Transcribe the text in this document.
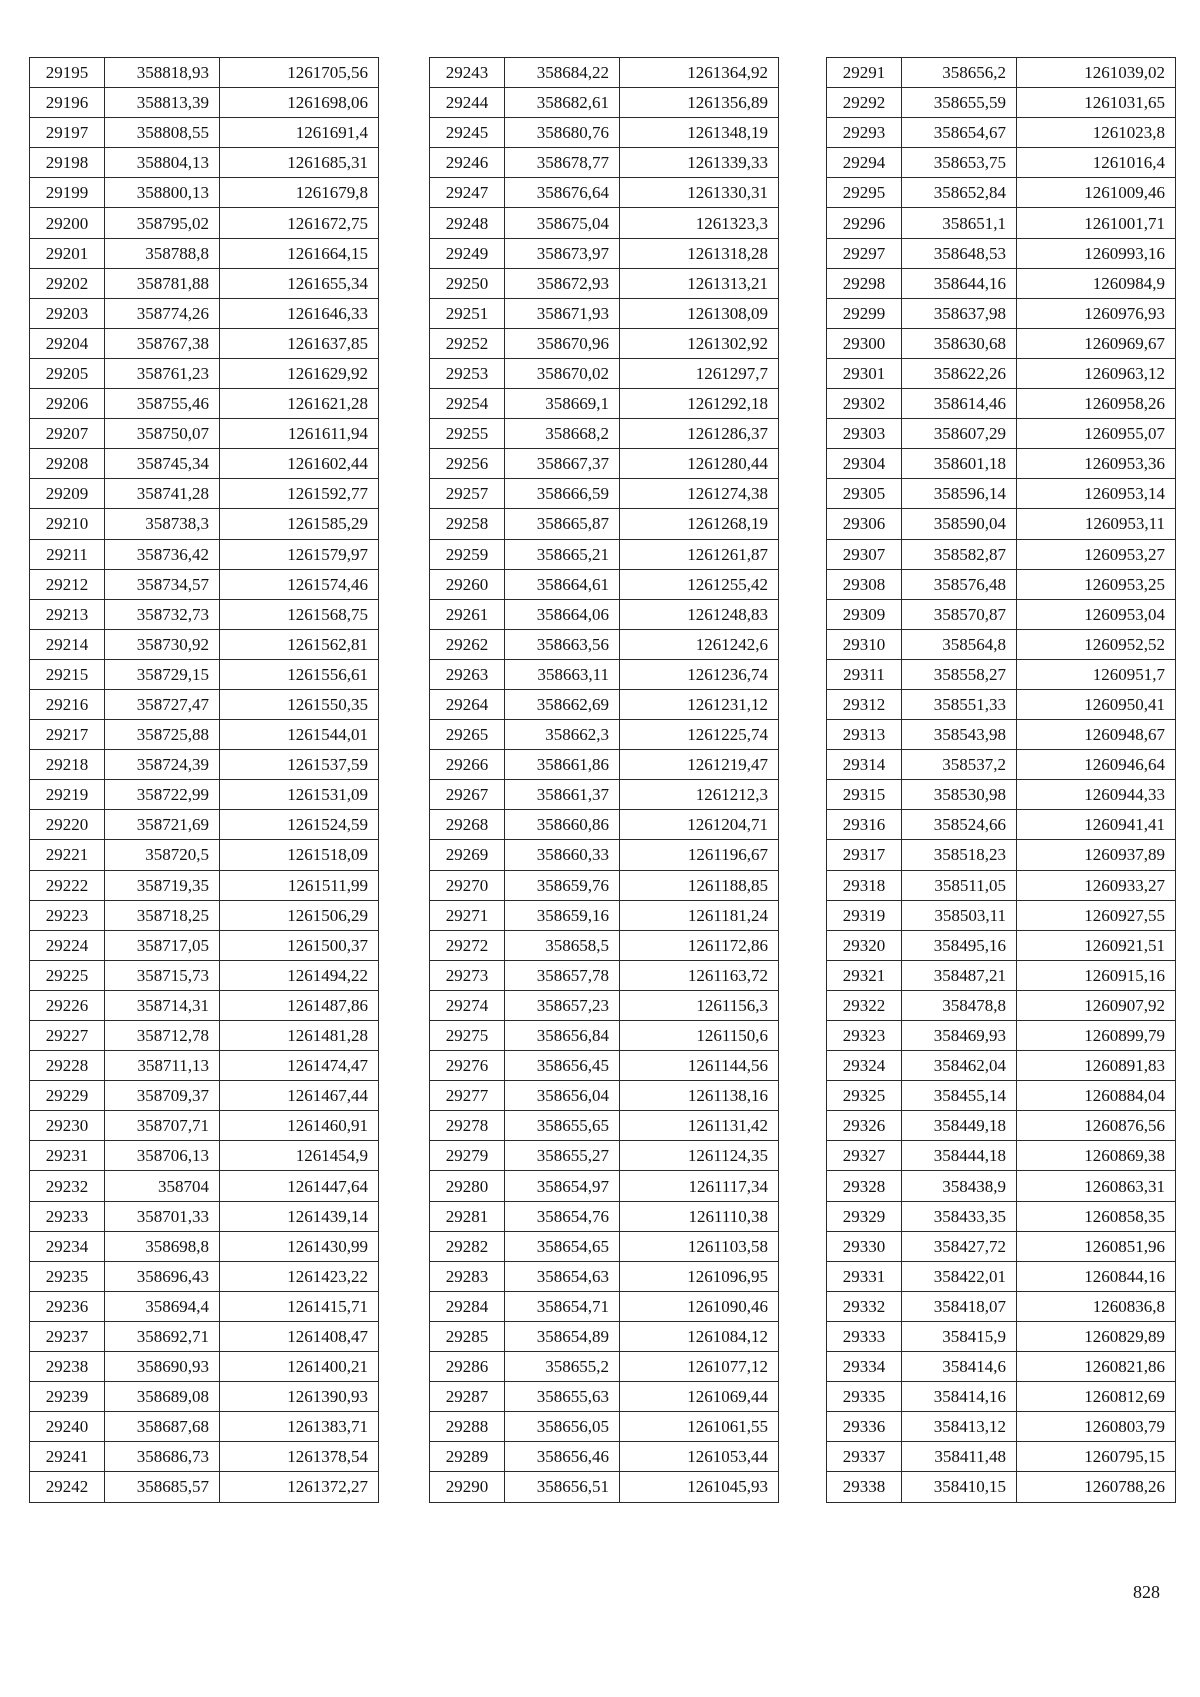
29195	358818,93	1261705,56
29196	358813,39	1261698,06
29197	358808,55	1261691,4
29198	358804,13	1261685,31
29199	358800,13	1261679,8
29200	358795,02	1261672,75
29201	358788,8	1261664,15
29202	358781,88	1261655,34
29203	358774,26	1261646,33
29204	358767,38	1261637,85
29205	358761,23	1261629,92
29206	358755,46	1261621,28
29207	358750,07	1261611,94
29208	358745,34	1261602,44
29209	358741,28	1261592,77
29210	358738,3	1261585,29
29211	358736,42	1261579,97
29212	358734,57	1261574,46
29213	358732,73	1261568,75
29214	358730,92	1261562,81
29215	358729,15	1261556,61
29216	358727,47	1261550,35
29217	358725,88	1261544,01
29218	358724,39	1261537,59
29219	358722,99	1261531,09
29220	358721,69	1261524,59
29221	358720,5	1261518,09
29222	358719,35	1261511,99
29223	358718,25	1261506,29
29224	358717,05	1261500,37
29225	358715,73	1261494,22
29226	358714,31	1261487,86
29227	358712,78	1261481,28
29228	358711,13	1261474,47
29229	358709,37	1261467,44
29230	358707,71	1261460,91
29231	358706,13	1261454,9
29232	358704	1261447,64
29233	358701,33	1261439,14
29234	358698,8	1261430,99
29235	358696,43	1261423,22
29236	358694,4	1261415,71
29237	358692,71	1261408,47
29238	358690,93	1261400,21
29239	358689,08	1261390,93
29240	358687,68	1261383,71
29241	358686,73	1261378,54
29242	358685,57	1261372,27
29243	358684,22	1261364,92
29244	358682,61	1261356,89
29245	358680,76	1261348,19
29246	358678,77	1261339,33
29247	358676,64	1261330,31
29248	358675,04	1261323,3
29249	358673,97	1261318,28
29250	358672,93	1261313,21
29251	358671,93	1261308,09
29252	358670,96	1261302,92
29253	358670,02	1261297,7
29254	358669,1	1261292,18
29255	358668,2	1261286,37
29256	358667,37	1261280,44
29257	358666,59	1261274,38
29258	358665,87	1261268,19
29259	358665,21	1261261,87
29260	358664,61	1261255,42
29261	358664,06	1261248,83
29262	358663,56	1261242,6
29263	358663,11	1261236,74
29264	358662,69	1261231,12
29265	358662,3	1261225,74
29266	358661,86	1261219,47
29267	358661,37	1261212,3
29268	358660,86	1261204,71
29269	358660,33	1261196,67
29270	358659,76	1261188,85
29271	358659,16	1261181,24
29272	358658,5	1261172,86
29273	358657,78	1261163,72
29274	358657,23	1261156,3
29275	358656,84	1261150,6
29276	358656,45	1261144,56
29277	358656,04	1261138,16
29278	358655,65	1261131,42
29279	358655,27	1261124,35
29280	358654,97	1261117,34
29281	358654,76	1261110,38
29282	358654,65	1261103,58
29283	358654,63	1261096,95
29284	358654,71	1261090,46
29285	358654,89	1261084,12
29286	358655,2	1261077,12
29287	358655,63	1261069,44
29288	358656,05	1261061,55
29289	358656,46	1261053,44
29290	358656,51	1261045,93
29291	358656,2	1261039,02
29292	358655,59	1261031,65
29293	358654,67	1261023,8
29294	358653,75	1261016,4
29295	358652,84	1261009,46
29296	358651,1	1261001,71
29297	358648,53	1260993,16
29298	358644,16	1260984,9
29299	358637,98	1260976,93
29300	358630,68	1260969,67
29301	358622,26	1260963,12
29302	358614,46	1260958,26
29303	358607,29	1260955,07
29304	358601,18	1260953,36
29305	358596,14	1260953,14
29306	358590,04	1260953,11
29307	358582,87	1260953,27
29308	358576,48	1260953,25
29309	358570,87	1260953,04
29310	358564,8	1260952,52
29311	358558,27	1260951,7
29312	358551,33	1260950,41
29313	358543,98	1260948,67
29314	358537,2	1260946,64
29315	358530,98	1260944,33
29316	358524,66	1260941,41
29317	358518,23	1260937,89
29318	358511,05	1260933,27
29319	358503,11	1260927,55
29320	358495,16	1260921,51
29321	358487,21	1260915,16
29322	358478,8	1260907,92
29323	358469,93	1260899,79
29324	358462,04	1260891,83
29325	358455,14	1260884,04
29326	358449,18	1260876,56
29327	358444,18	1260869,38
29328	358438,9	1260863,31
29329	358433,35	1260858,35
29330	358427,72	1260851,96
29331	358422,01	1260844,16
29332	358418,07	1260836,8
29333	358415,9	1260829,89
29334	358414,6	1260821,86
29335	358414,16	1260812,69
29336	358413,12	1260803,79
29337	358411,48	1260795,15
29338	358410,15	1260788,26
828
